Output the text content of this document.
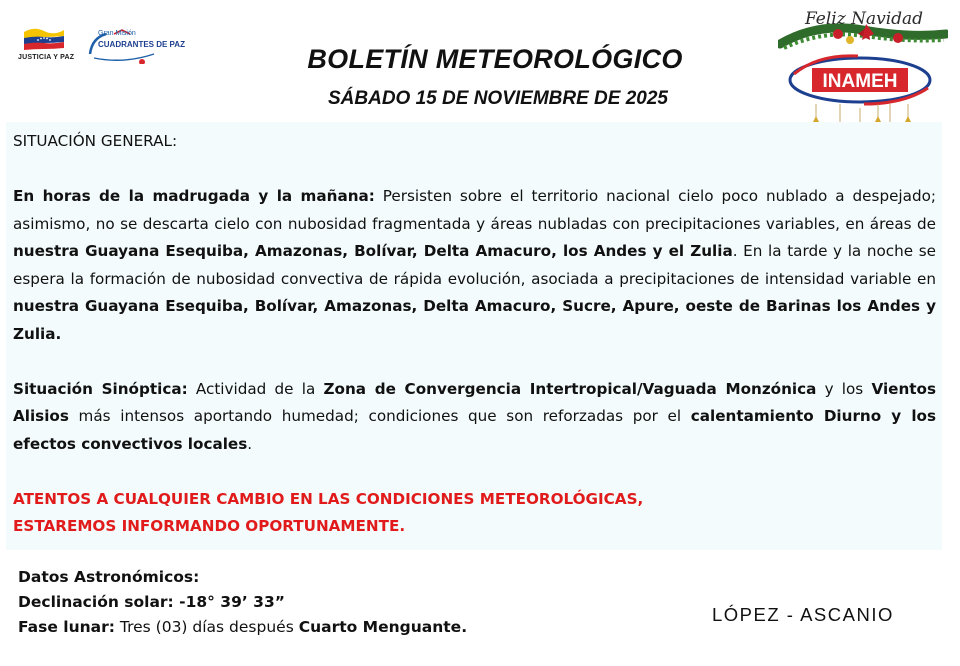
JUSTICIA Y PAZ
Gran Misión
CUADRANTES DE PAZ	BOLETÍN METEOROLÓGICO
SÁBADO 15 DE NOVIEMBRE DE 2025
Feliz Navidad
INAMEH

SITUACIÓN GENERAL:

En horas de la madrugada y la mañana: Persisten sobre el territorio nacional cielo poco nublado a despejado; asimismo, no se descarta cielo con nubosidad fragmentada y áreas nubladas con precipitaciones variables, en áreas de nuestra Guayana Esequiba, Amazonas, Bolívar, Delta Amacuro, los Andes y el Zulia. En la tarde y la noche se espera la formación de nubosidad convectiva de rápida evolución, asociada a precipitaciones de intensidad variable en nuestra Guayana Esequiba, Bolívar, Amazonas, Delta Amacuro, Sucre, Apure, oeste de Barinas los Andes y Zulia.

Situación Sinóptica: Actividad de la Zona de Convergencia Intertropical/Vaguada Monzónica y los Vientos Alisios más intensos aportando humedad; condiciones que son reforzadas por el calentamiento Diurno y los efectos convectivos locales.

ATENTOS A CUALQUIER CAMBIO EN LAS CONDICIONES METEOROLÓGICAS,

ESTAREMOS INFORMANDO OPORTUNAMENTE.

Datos Astronómicos:
Declinación solar: -18° 39’ 33”
Fase lunar: Tres (03) días después Cuarto Menguante.
LÓPEZ - ASCANIO
